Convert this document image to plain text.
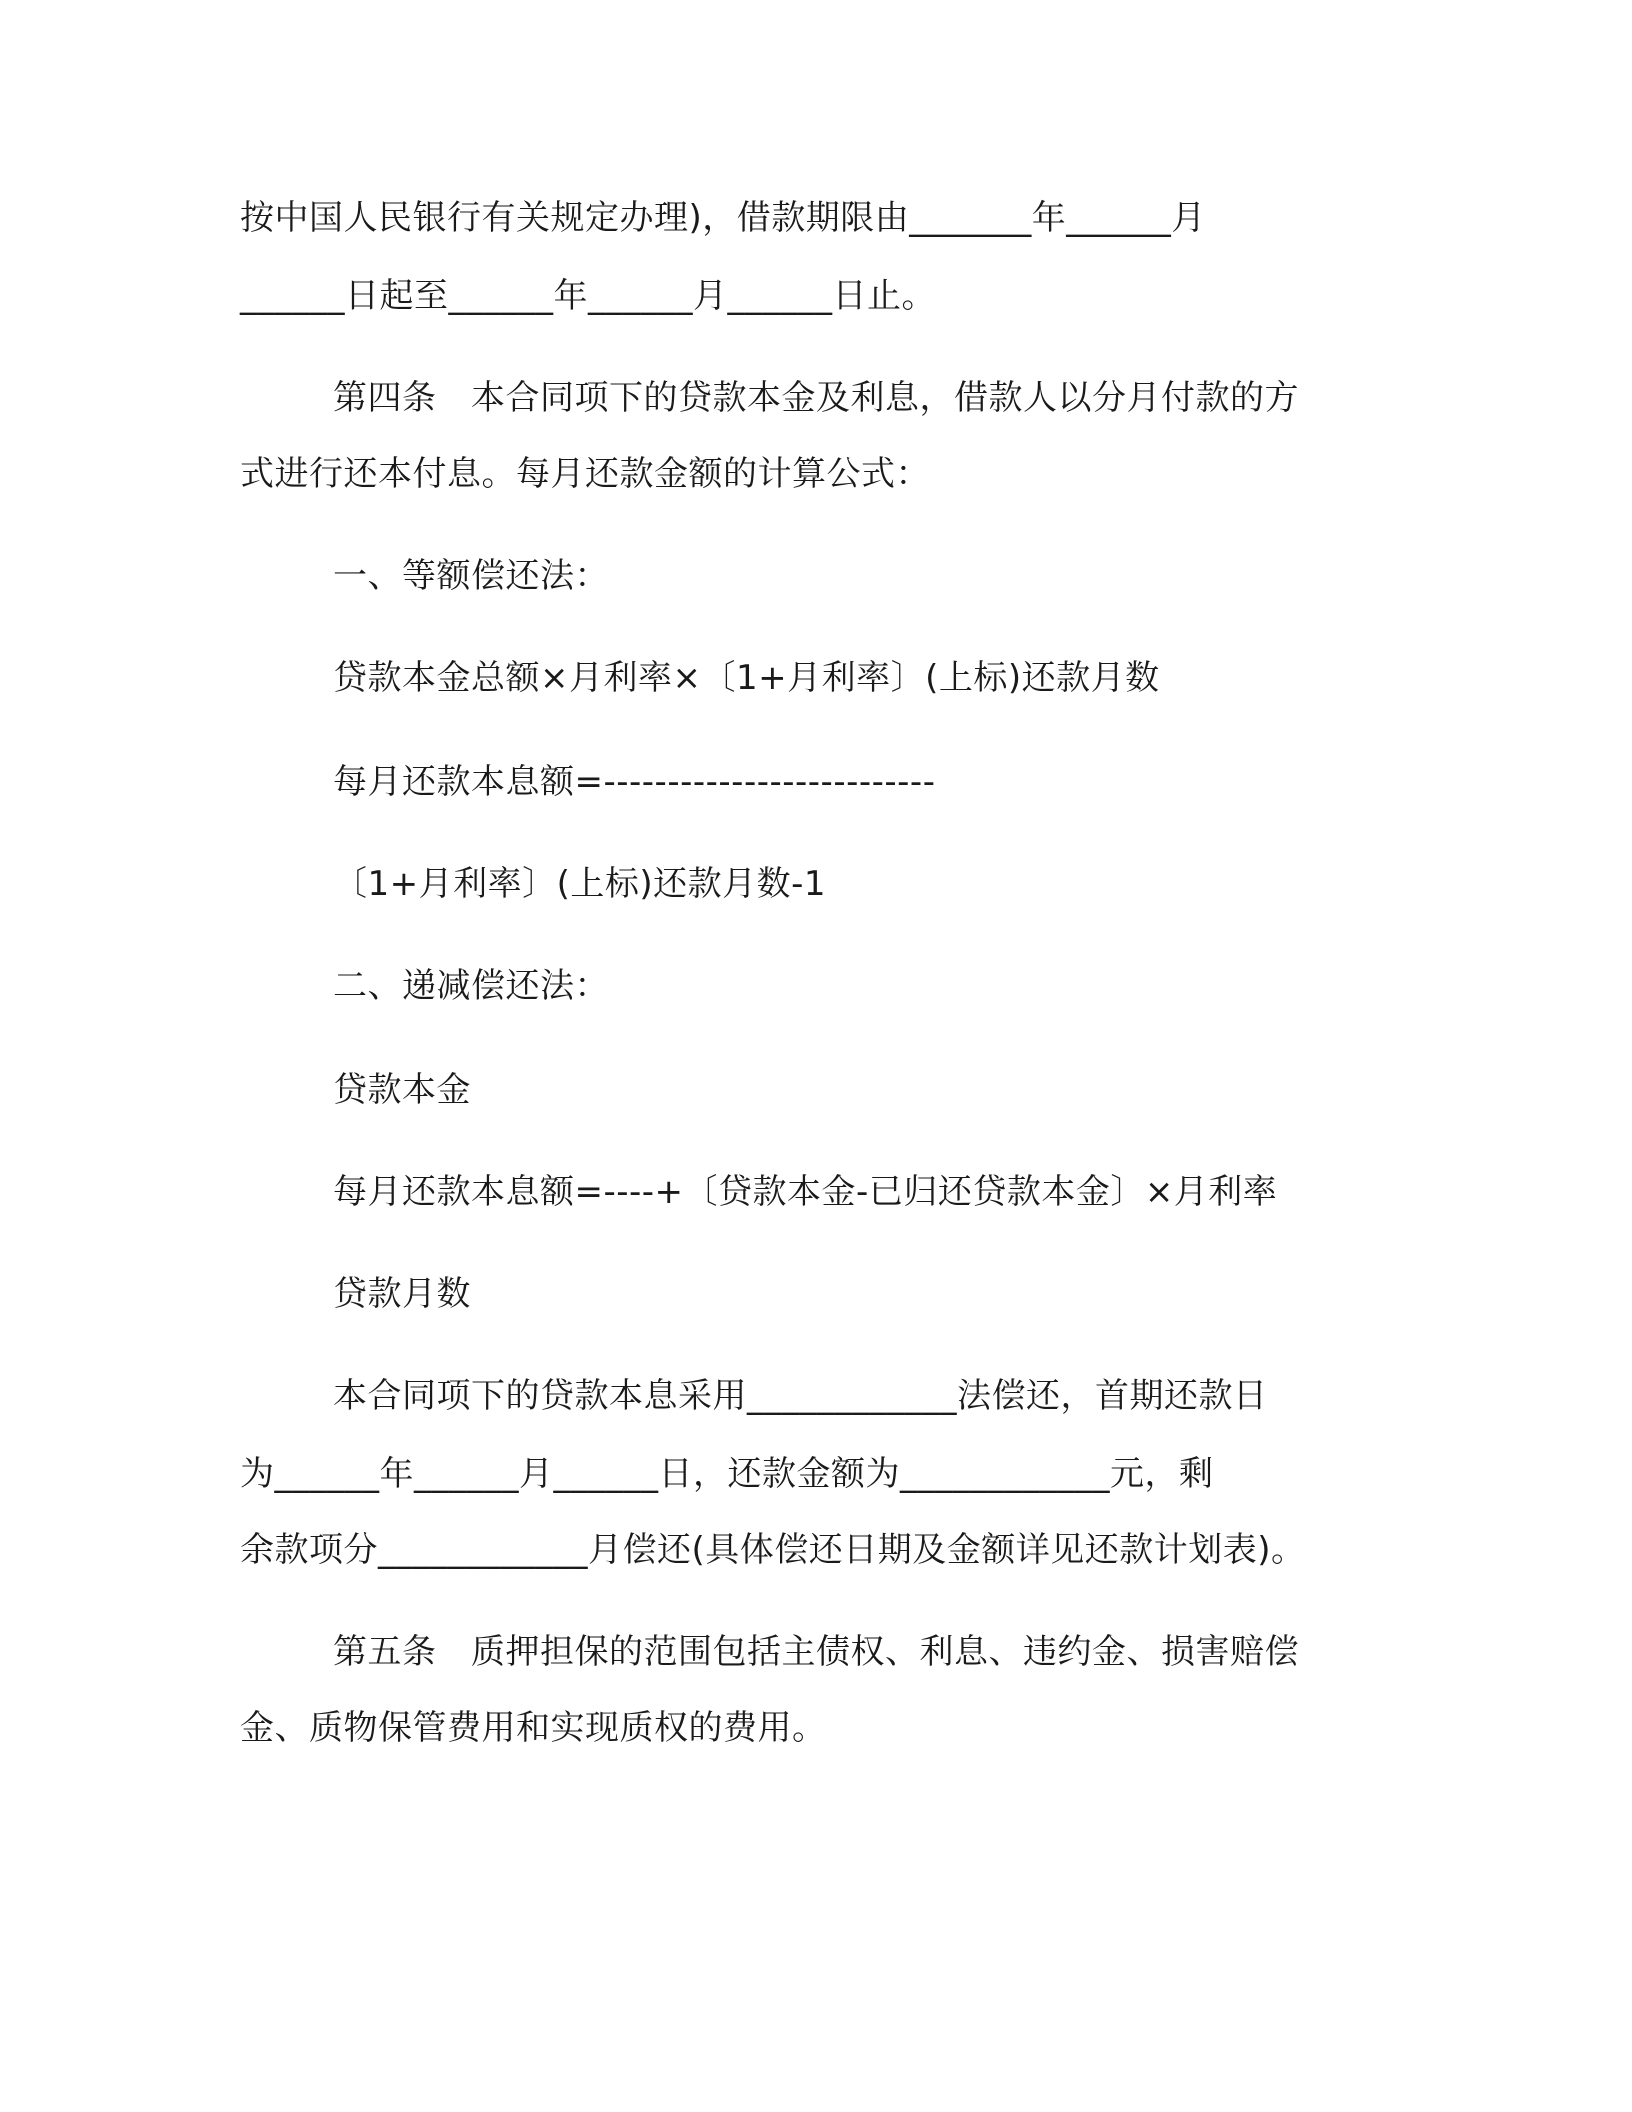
按中国人民银行有关规定办理)，借款期限由_______年______月
______日起至______年______月______日止。
第四条　本合同项下的贷款本金及利息，借款人以分月付款的方
式进行还本付息。每月还款金额的计算公式：
一、等额偿还法：
贷款本金总额×月利率×〔1+月利率〕(上标)还款月数
每月还款本息额=--------------------------
〔1+月利率〕(上标)还款月数-1
二、递减偿还法：
贷款本金
每月还款本息额=----+〔贷款本金-已归还贷款本金〕×月利率
贷款月数
本合同项下的贷款本息采用____________法偿还，首期还款日
为______年______月______日，还款金额为____________元，剩
余款项分____________月偿还(具体偿还日期及金额详见还款计划表)。
第五条　质押担保的范围包括主债权、利息、违约金、损害赔偿
金、质物保管费用和实现质权的费用。
